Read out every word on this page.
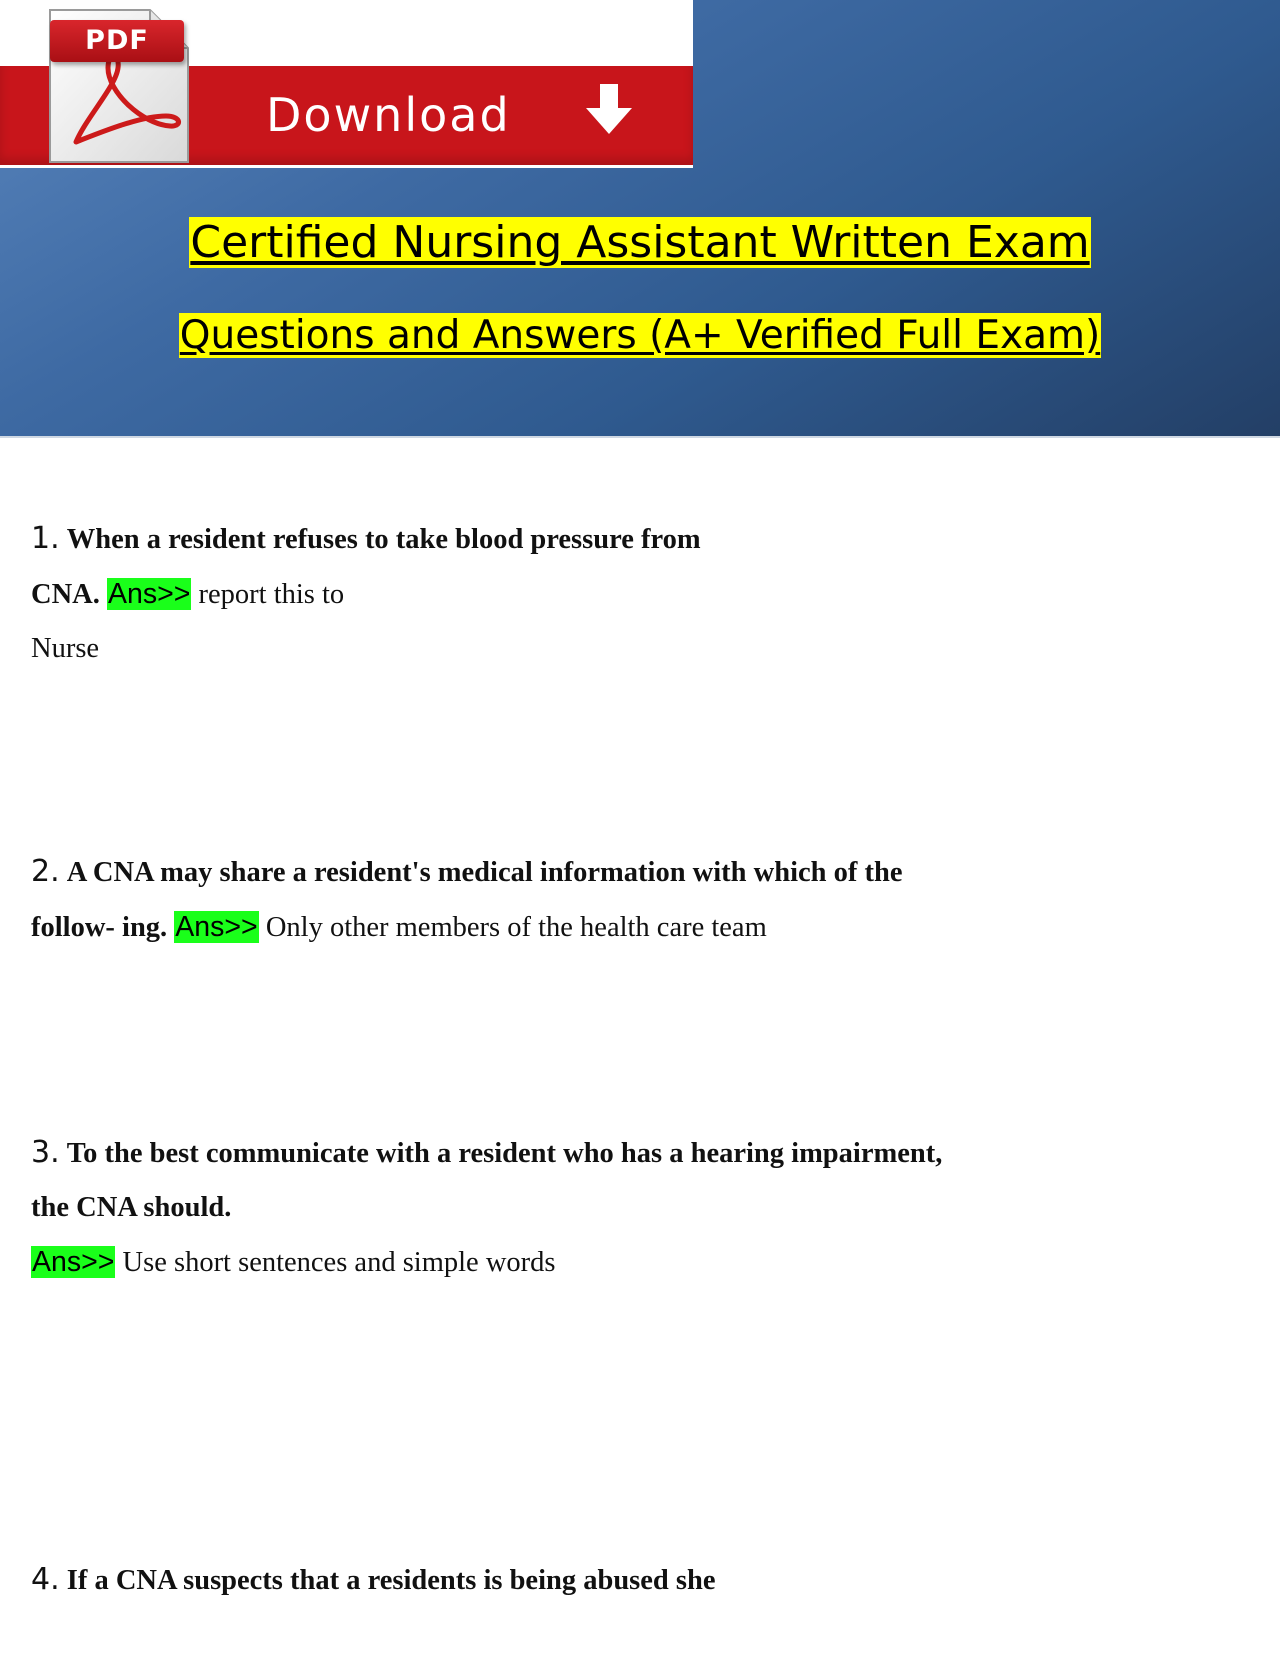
PDF
Download
Certified Nursing Assistant Written Exam
Questions and Answers (A+ Verified Full Exam)
1. When a resident refuses to take blood pressure from
CNA. Ans>> report this to
Nurse
2. A CNA may share a resident's medical information with which of the
follow- ing. Ans>> Only other members of the health care team
3. To the best communicate with a resident who has a hearing impairment,
the CNA should.
Ans>> Use short sentences and simple words
4. If a CNA suspects that a residents is being abused she
